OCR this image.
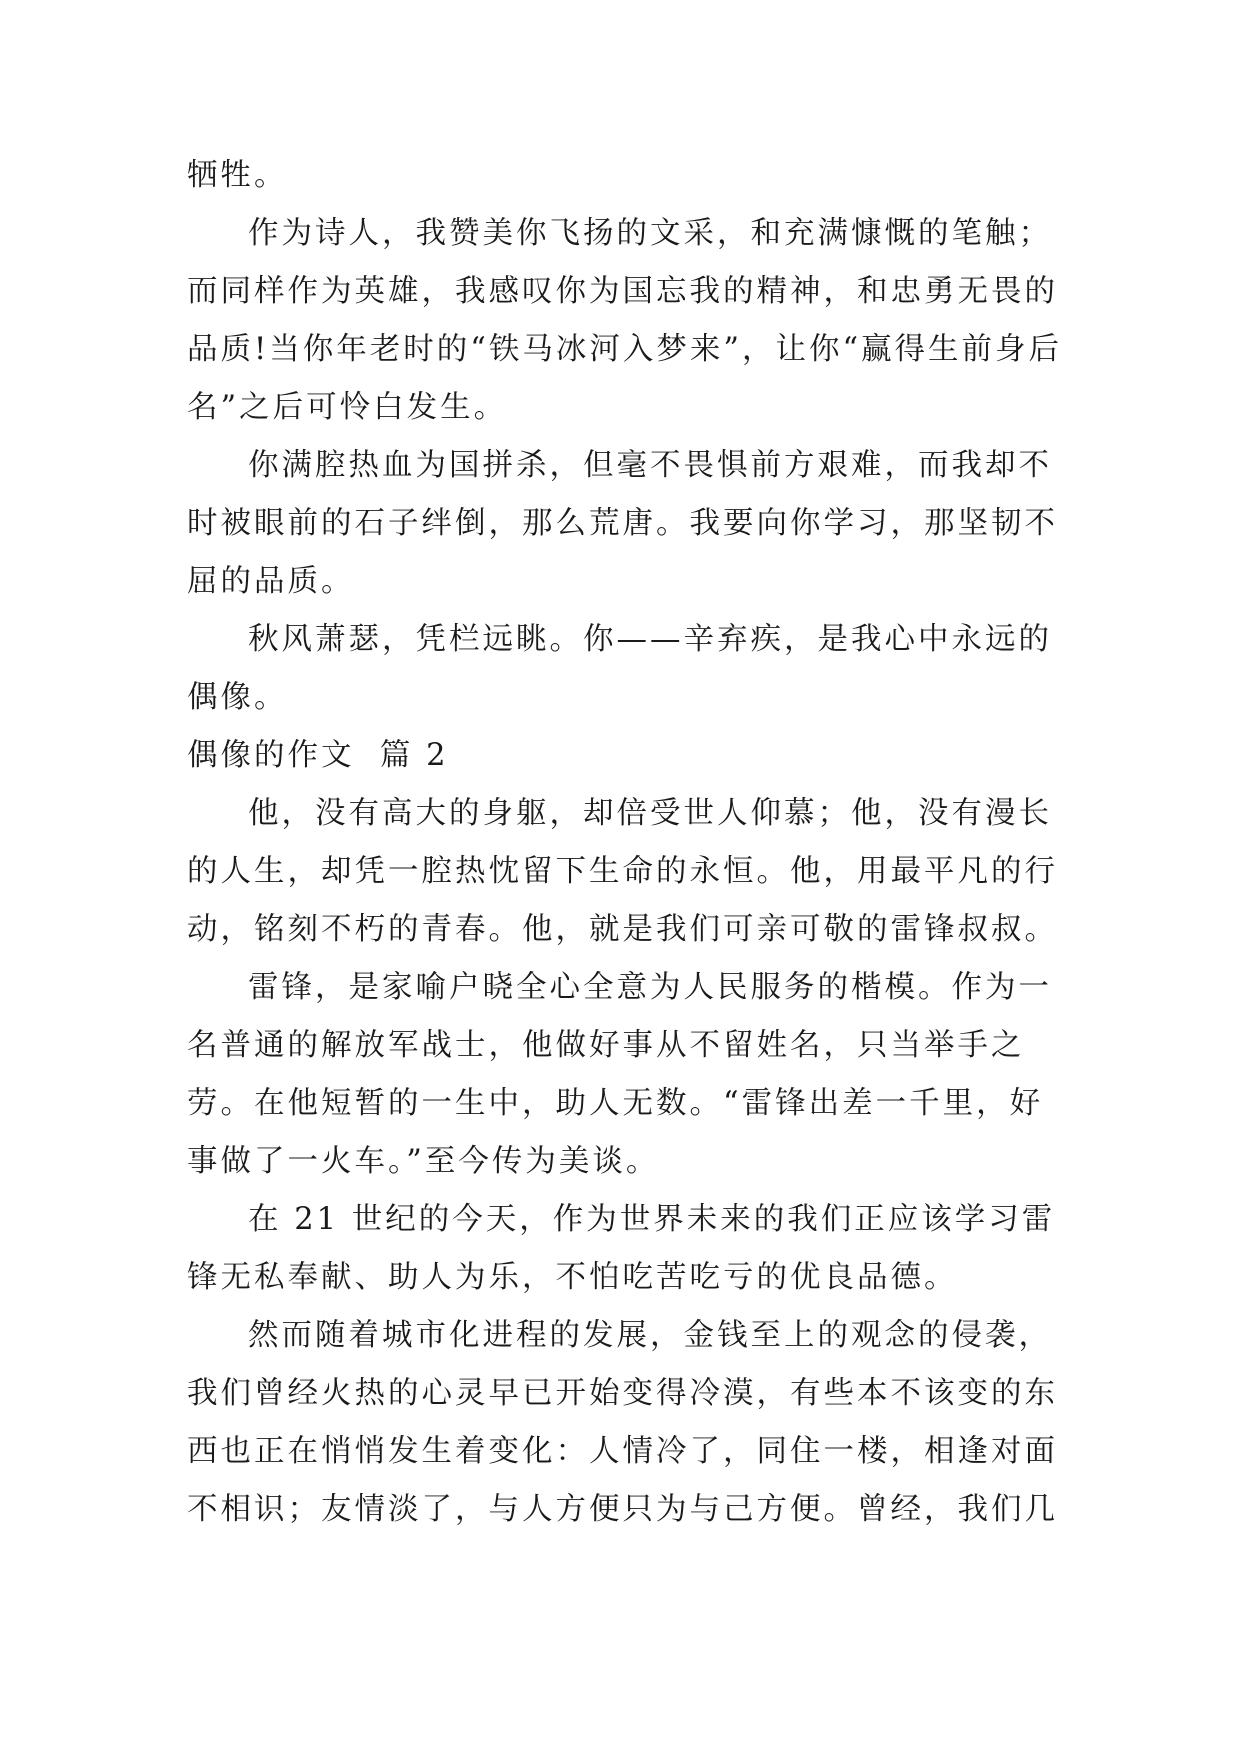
牺牲。

作为诗人，我赞美你飞扬的文采，和充满慷慨的笔触；而同样作为英雄，我感叹你为国忘我的精神，和忠勇无畏的品质!当你年老时的“铁马冰河入梦来”，让你“赢得生前身后名”之后可怜白发生。

你满腔热血为国拼杀，但毫不畏惧前方艰难，而我却不时被眼前的石子绊倒，那么荒唐。我要向你学习，那坚韧不屈的品质。

秋风萧瑟，凭栏远眺。你——辛弃疾，是我心中永远的偶像。

偶像的作文  篇 2

他，没有高大的身躯，却倍受世人仰慕；他，没有漫长的人生，却凭一腔热忱留下生命的永恒。他，用最平凡的行动，铭刻不朽的青春。他，就是我们可亲可敬的雷锋叔叔。

雷锋，是家喻户晓全心全意为人民服务的楷模。作为一名普通的解放军战士，他做好事从不留姓名，只当举手之劳。在他短暂的一生中，助人无数。“雷锋出差一千里，好事做了一火车。”至今传为美谈。

在 21 世纪的今天，作为世界未来的我们正应该学习雷锋无私奉献、助人为乐，不怕吃苦吃亏的优良品德。

然而随着城市化进程的发展，金钱至上的观念的侵袭，我们曾经火热的心灵早已开始变得冷漠，有些本不该变的东西也正在悄悄发生着变化：人情冷了，同住一楼，相逢对面不相识；友情淡了，与人方便只为与己方便。曾经，我们几
